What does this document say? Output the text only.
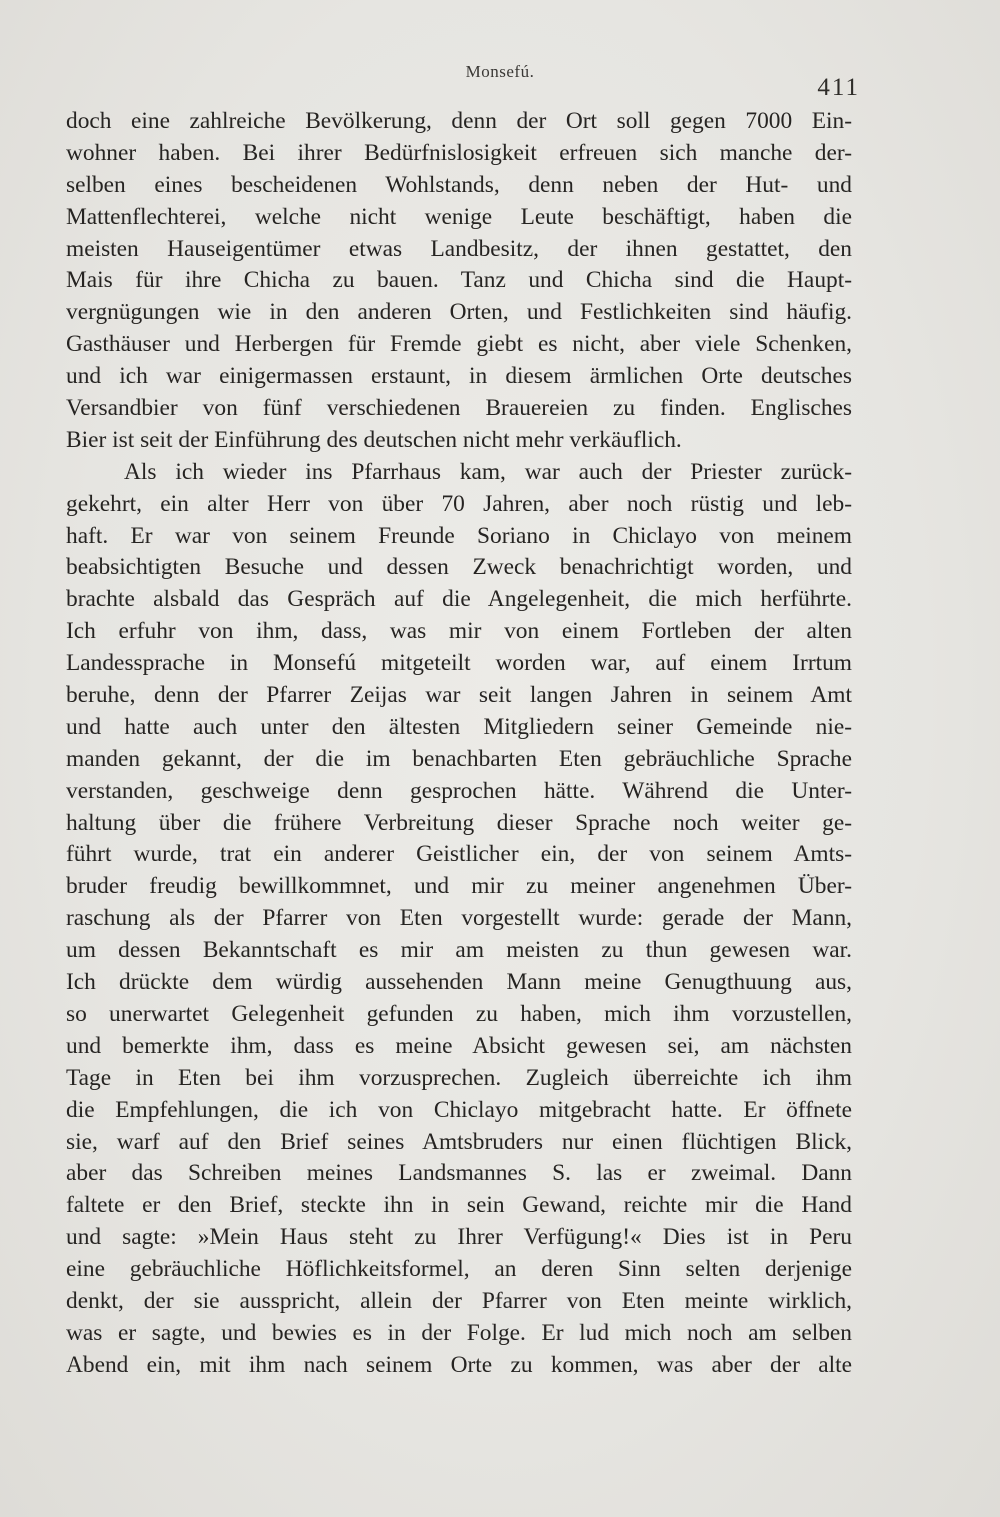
Monsefú.
411
doch eine zahlreiche Bevölkerung, denn der Ort soll gegen 7000 Ein-
wohner haben. Bei ihrer Bedürfnislosigkeit erfreuen sich manche der-
selben eines bescheidenen Wohlstands, denn neben der Hut- und
Mattenflechterei, welche nicht wenige Leute beschäftigt, haben die
meisten Hauseigentümer etwas Landbesitz, der ihnen gestattet, den
Mais für ihre Chicha zu bauen. Tanz und Chicha sind die Haupt-
vergnügungen wie in den anderen Orten, und Festlichkeiten sind häufig.
Gasthäuser und Herbergen für Fremde giebt es nicht, aber viele Schenken,
und ich war einigermassen erstaunt, in diesem ärmlichen Orte deutsches
Versandbier von fünf verschiedenen Brauereien zu finden. Englisches
Bier ist seit der Einführung des deutschen nicht mehr verkäuflich.
Als ich wieder ins Pfarrhaus kam, war auch der Priester zurück-
gekehrt, ein alter Herr von über 70 Jahren, aber noch rüstig und leb-
haft. Er war von seinem Freunde Soriano in Chiclayo von meinem
beabsichtigten Besuche und dessen Zweck benachrichtigt worden, und
brachte alsbald das Gespräch auf die Angelegenheit, die mich herführte.
Ich erfuhr von ihm, dass, was mir von einem Fortleben der alten
Landessprache in Monsefú mitgeteilt worden war, auf einem Irrtum
beruhe, denn der Pfarrer Zeijas war seit langen Jahren in seinem Amt
und hatte auch unter den ältesten Mitgliedern seiner Gemeinde nie-
manden gekannt, der die im benachbarten Eten gebräuchliche Sprache
verstanden, geschweige denn gesprochen hätte. Während die Unter-
haltung über die frühere Verbreitung dieser Sprache noch weiter ge-
führt wurde, trat ein anderer Geistlicher ein, der von seinem Amts-
bruder freudig bewillkommnet, und mir zu meiner angenehmen Über-
raschung als der Pfarrer von Eten vorgestellt wurde: gerade der Mann,
um dessen Bekanntschaft es mir am meisten zu thun gewesen war.
Ich drückte dem würdig aussehenden Mann meine Genugthuung aus,
so unerwartet Gelegenheit gefunden zu haben, mich ihm vorzustellen,
und bemerkte ihm, dass es meine Absicht gewesen sei, am nächsten
Tage in Eten bei ihm vorzusprechen. Zugleich überreichte ich ihm
die Empfehlungen, die ich von Chiclayo mitgebracht hatte. Er öffnete
sie, warf auf den Brief seines Amtsbruders nur einen flüchtigen Blick,
aber das Schreiben meines Landsmannes S. las er zweimal. Dann
faltete er den Brief, steckte ihn in sein Gewand, reichte mir die Hand
und sagte: »Mein Haus steht zu Ihrer Verfügung!« Dies ist in Peru
eine gebräuchliche Höflichkeitsformel, an deren Sinn selten derjenige
denkt, der sie ausspricht, allein der Pfarrer von Eten meinte wirklich,
was er sagte, und bewies es in der Folge. Er lud mich noch am selben
Abend ein, mit ihm nach seinem Orte zu kommen, was aber der alte
